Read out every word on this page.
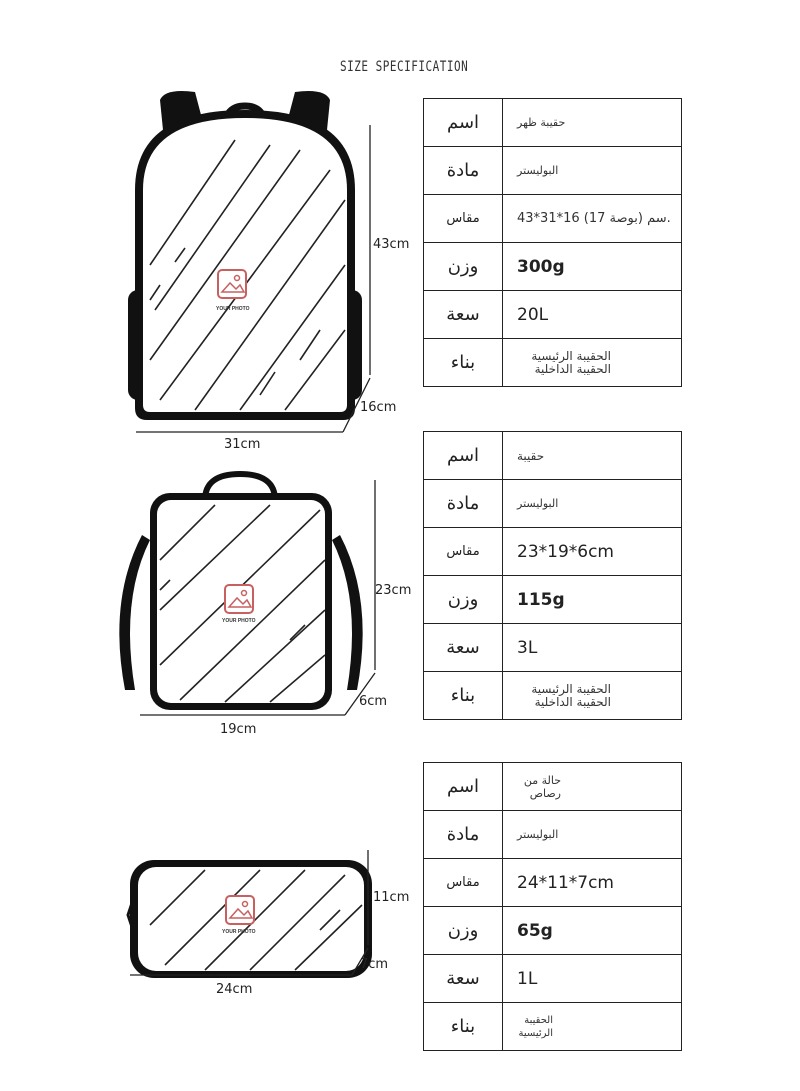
SIZE SPECIFICATION
YOUR PHOTO
YOUR PHOTO
YOUR PHOTO
43cm
16cm
31cm
23cm
6cm
19cm
11cm
7cm
24cm
اسم	حقيبة ظهر
مادة	البوليستر
مقاس	43*31*16 (17 بوصة) سم.
وزن	300g
سعة	20L
بناء	الحقيبة الرئيسية
الحقيبة الداخلية
اسم	حقيبة
مادة	البوليستر
مقاس	23*19*6cm
وزن	115g
سعة	3L
بناء	الحقيبة الرئيسية
الحقيبة الداخلية
اسم	حالة من
رصاص

مادة	البوليستر
مقاس	24*11*7cm
وزن	65g
سعة	1L
بناء	الحقيبة
الرئيسية
